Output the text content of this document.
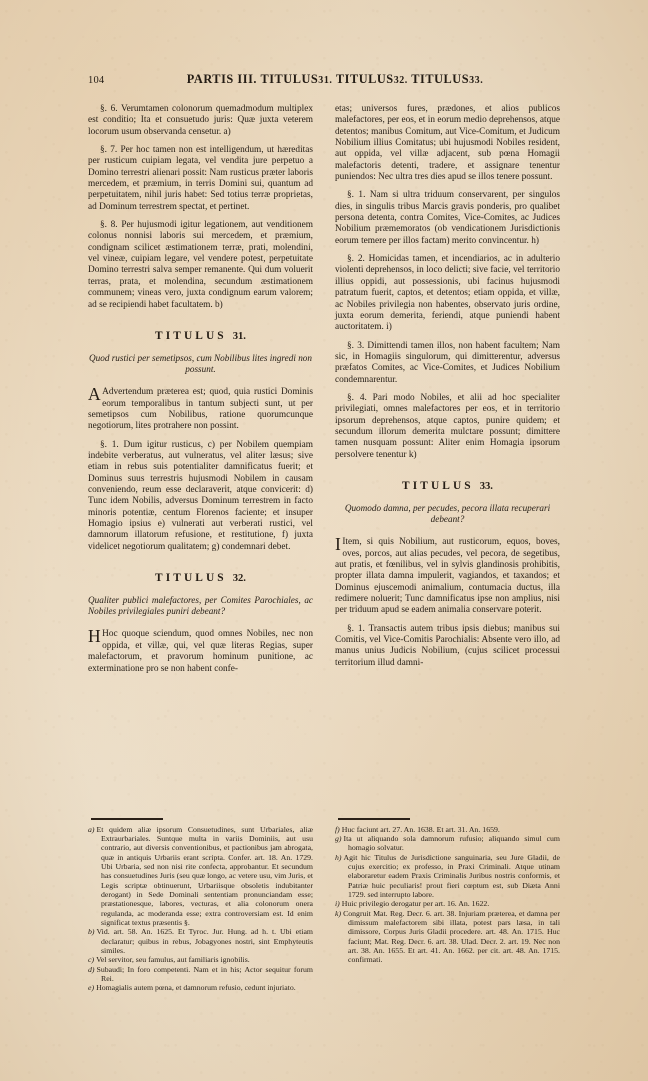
104	PARTIS III. TITULUS31. TITULUS32. TITULUS33.

§. 6. Verumtamen colonorum quemadmodum multiplex est conditio; Ita et consuetudo juris: Quæ juxta veterem locorum usum observanda censetur. a)

§. 7. Per hoc tamen non est intelligendum, ut hæreditas per rusticum cuipiam legata, vel vendita jure perpetuo a Domino terrestri alienari possit: Nam rusticus præter laboris mercedem, et præmium, in terris Domini sui, quantum ad perpetuitatem, nihil juris habet: Sed totius terræ proprietas, ad Dominum terrestrem spectat, et pertinet.

§. 8. Per hujusmodi igitur legationem, aut venditionem colonus nonnisi laboris sui mercedem, et præmium, condignam scilicet æstimationem terræ, prati, molendini, vel vineæ, cuipiam legare, vel vendere potest, perpetuitate Domino terrestri salva semper remanente. Qui dum voluerit terras, prata, et molendina, secundum æstimationem communem; vineas vero, juxta condignum earum valorem; ad se recipiendi habet facultatem. b)

TITULUS 31.
Quod rustici per semetipsos, cum Nobilibus lites ingredi non possunt.

A Advertendum præterea est; quod, quia rustici Dominis eorum temporalibus in tantum subjecti sunt, ut per semetipsos cum Nobilibus, ratione quorumcunque negotiorum, lites protrahere non possint.

§. 1. Dum igitur rusticus, c) per Nobilem quempiam indebite verberatus, aut vulneratus, vel aliter læsus; sive etiam in rebus suis potentialiter damnificatus fuerit; et Dominus suus terrestris hujusmodi Nobilem in causam conveniendo, reum esse declaraverit, atque convicerit: d) Tunc idem Nobilis, adversus Dominum terrestrem in facto minoris potentiæ, centum Florenos faciente; et insuper Homagio ipsius e) vulnerati aut verberati rustici, vel damnorum illatorum refusione, et restitutione, f) juxta videlicet negotiorum qualitatem; g) condemnari debet.

TITULUS 32.
Qualiter publici malefactores, per Comites Parochiales, ac Nobiles privilegiales puniri debeant?

H Hoc quoque sciendum, quod omnes Nobiles, nec non oppida, et villæ, qui, vel quæ literas Regias, super malefactorum, et pravorum hominum punitione, ac exterminatione pro se non habent confe-

etas; universos fures, prædones, et alios publicos malefactores, per eos, et in eorum medio deprehensos, atque detentos; manibus Comitum, aut Vice-Comitum, et Judicum Nobilium illius Comitatus; ubi hujusmodi Nobiles resident, aut oppida, vel villæ adjacent, sub pœna Homagii malefactoris detenti, tradere, et assignare tenentur puniendos: Nec ultra tres dies apud se illos tenere possunt.

§. 1. Nam si ultra triduum conservarent, per singulos dies, in singulis tribus Marcis gravis ponderis, pro qualibet persona detenta, contra Comites, Vice-Comites, ac Judices Nobilium præmemoratos (ob vendicationem Jurisdictionis eorum temere per illos factam) merito convincentur. h)

§. 2. Homicidas tamen, et incendiarios, ac in adulterio violenti deprehensos, in loco delicti; sive facie, vel territorio illius oppidi, aut possessionis, ubi facinus hujusmodi patratum fuerit, captos, et detentos; etiam oppida, et villæ, ac Nobiles privilegia non habentes, observato juris ordine, juxta eorum demerita, feriendi, atque puniendi habent auctoritatem. i)

§. 3. Dimittendi tamen illos, non habent facultem; Nam sic, in Homagiis singulorum, qui dimitterentur, adversus præfatos Comites, ac Vice-Comites, et Judices Nobilium condemnarentur.

§. 4. Pari modo Nobiles, et alii ad hoc specialiter privilegiati, omnes malefactores per eos, et in territorio ipsorum deprehensos, atque captos, punire quidem; et secundum illorum demerita mulctare possunt; dimittere tamen nusquam possunt: Aliter enim Homagia ipsorum persolvere tenentur k)

TITULUS 33.
Quomodo damna, per pecudes, pecora illata recuperari debeant?

I Item, si quis Nobilium, aut rusticorum, equos, boves, oves, porcos, aut alias pecudes, vel pecora, de segetibus, aut pratis, et fœnilibus, vel in sylvis glandinosis prohibitis, propter illata damna impulerit, vagiandos, et taxandos; et Dominus ejuscemodi animalium, contumacia ductus, illa redimere noluerit; Tunc damnificatus ipse non amplius, nisi per triduum apud se eadem animalia conservare poterit.

§. 1. Transactis autem tribus ipsis diebus; manibus sui Comitis, vel Vice-Comitis Parochialis: Absente vero illo, ad manus unius Judicis Nobilium, (cujus scilicet processui territorium illud damni-

a) Et quidem aliæ ipsorum Consuetudines, sunt Urbariales, aliæ Extraurbariales. Suntque multa in variis Dominiis, aut usu contrario, aut diversis conventionibus, et pactionibus jam abrogata, quæ in antiquis Urbariis erant scripta. Confer. art. 18. An. 1729. Ubi Urbaria, sed non nisi rite confecta, approbantur. Et secundum has consuetudines Juris (seu quæ longo, ac vetere usu, vim Juris, et Legis scriptæ obtinuerunt, Urbariisque obsoletis indubitanter derogant) in Sede Dominali sententiam pronunciandam esse; præstationesque, labores, vecturas, et alia colonorum onera regulanda, ac moderanda esse; extra controversiam est. Id enim significat textus præsentis §.

b) Vid. art. 58. An. 1625. Et Tyroc. Jur. Hung. ad h. t. Ubi etiam declaratur; quibus in rebus, Jobagyones nostri, sint Emphyteutis similes.

c) Vel servitor, seu famulus, aut familiaris ignobilis.

d) Subaudi; In foro competenti. Nam et in his; Actor sequitur forum Rei.

e) Homagialis autem pœna, et damnorum refusio, cedunt injuriato.

f) Huc faciunt art. 27. An. 1638. Et art. 31. An. 1659.

g) Ita ut aliquando sola damnorum rufusio; aliquando simul cum homagio solvatur.

h) Agit hic Titulus de Jurisdictione sanguinaria, seu Jure Gladii, de cujus exercitio; ex professo, in Praxi Criminali. Atque utinam elaboraretur eadem Praxis Criminalis Juribus nostris conformis, et Patriæ huic peculiaris! prout fieri cœptum est, sub Diæta Anni 1729. sed interrupto labore.

i) Huic privilegio derogatur per art. 16. An. 1622.

k) Congruit Mat. Reg. Decr. 6. art. 38. Injuriam præterea, et damna per dimissum malefactorem sibi illata, potest pars læsa, in tali dimissore, Corpus Juris Gladii procedere. art. 48. An. 1715. Huc faciunt; Mat. Reg. Decr. 6. art. 38. Ulad. Decr. 2. art. 19. Nec non art. 38. An. 1655. Et art. 41. An. 1662. per cit. art. 48. An. 1715. confirmati.
